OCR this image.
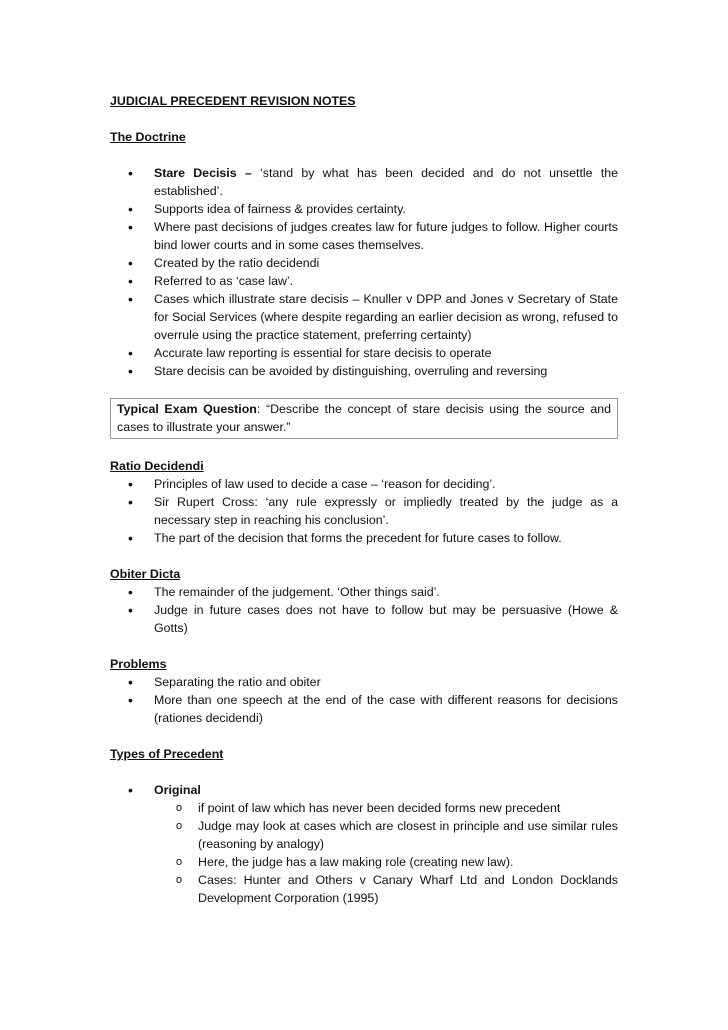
JUDICIAL PRECEDENT REVISION NOTES

The Doctrine

• Stare Decisis – ‘stand by what has been decided and do not unsettle the established’.
• Supports idea of fairness & provides certainty.
• Where past decisions of judges creates law for future judges to follow. Higher courts bind lower courts and in some cases themselves.
• Created by the ratio decidendi
• Referred to as ‘case law’.
• Cases which illustrate stare decisis – Knuller v DPP and Jones v Secretary of State for Social Services (where despite regarding an earlier decision as wrong, refused to overrule using the practice statement, preferring certainty)
• Accurate law reporting is essential for stare decisis to operate
• Stare decisis can be avoided by distinguishing, overruling and reversing
Typical Exam Question: “Describe the concept of stare decisis using the source and cases to illustrate your answer.”

Ratio Decidendi

• Principles of law used to decide a case – ‘reason for deciding’.
• Sir Rupert Cross: ‘any rule expressly or impliedly treated by the judge as a necessary step in reaching his conclusion’.
• The part of the decision that forms the precedent for future cases to follow.

Obiter Dicta

• The remainder of the judgement. ‘Other things said’.
• Judge in future cases does not have to follow but may be persuasive (Howe & Gotts)

Problems

• Separating the ratio and obiter
• More than one speech at the end of the case with different reasons for decisions (rationes decidendi)

Types of Precedent

• Original
o if point of law which has never been decided forms new precedent
o Judge may look at cases which are closest in principle and use similar rules (reasoning by analogy)
o Here, the judge has a law making role (creating new law).
o Cases: Hunter and Others v Canary Wharf Ltd and London Docklands Development Corporation (1995)
